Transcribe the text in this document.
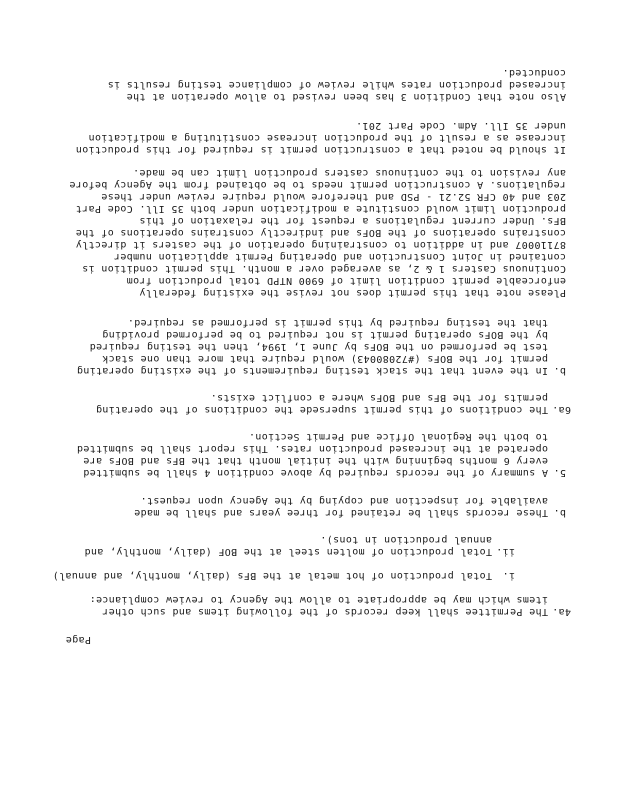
Page
4a.
The Permittee shall keep records of the following items and such other
items which may be appropriate to allow the Agency to review compliance:
i.
Total production of hot metal at the BFs (daily, monthly, and annual)
ii.
Total production of molten steel at the BOF (daily, monthly, and
annual production in tons).
b.
These records shall be retained for three years and shall be made
available for inspection and copying by the Agency upon request.
5.
A summary of the records required by above condition 4 shall be submitted
every 6 months beginning with the initial month that the BFs and BOFs are
operated at the increased production rates. This report shall be submitted
to both the Regional Office and Permit Section.
6a.
The conditions of this permit supersede the conditions of the operating
permits for the BFs and BOFs where a conflict exists.
b.
In the event that the stack testing requirements of the existing operating
permit for the BOFs (#72080043) would require that more than one stack
test be performed on the BOFs by June 1, 1994, then the testing required
by the BOFs operating permit is not required to be performed providing
that the testing required by this permit is performed as required.
Please note that this permit does not revise the existing federally
enforceable permit condition limit of 6900 NTPD total production from
Continuous Casters 1 & 2, as averaged over a month. This permit condition is
contained in Joint Construction and Operating Permit application number
87110007 and in addition to constraining operation of the casters it directly
constrains operations of the BOFs and indirectly constrains operations of the
BFs. Under current regulations a request for the relaxation of this
production limit would constitute a modification under both 35 Ill. Code Part
203 and 40 CFR 52.21 - PSD and therefore would require review under these
regulations. A construction permit needs to be obtained from the Agency before
any revision to the continuous casters production limit can be made.
It should be noted that a construction permit is required for this production
increase as a result of the production increase constituting a modification
under 35 Ill. Adm. Code Part 201.
Also note that Condition 3 has been revised to allow operation at the
increased production rates while review of compliance testing results is
conducted.
